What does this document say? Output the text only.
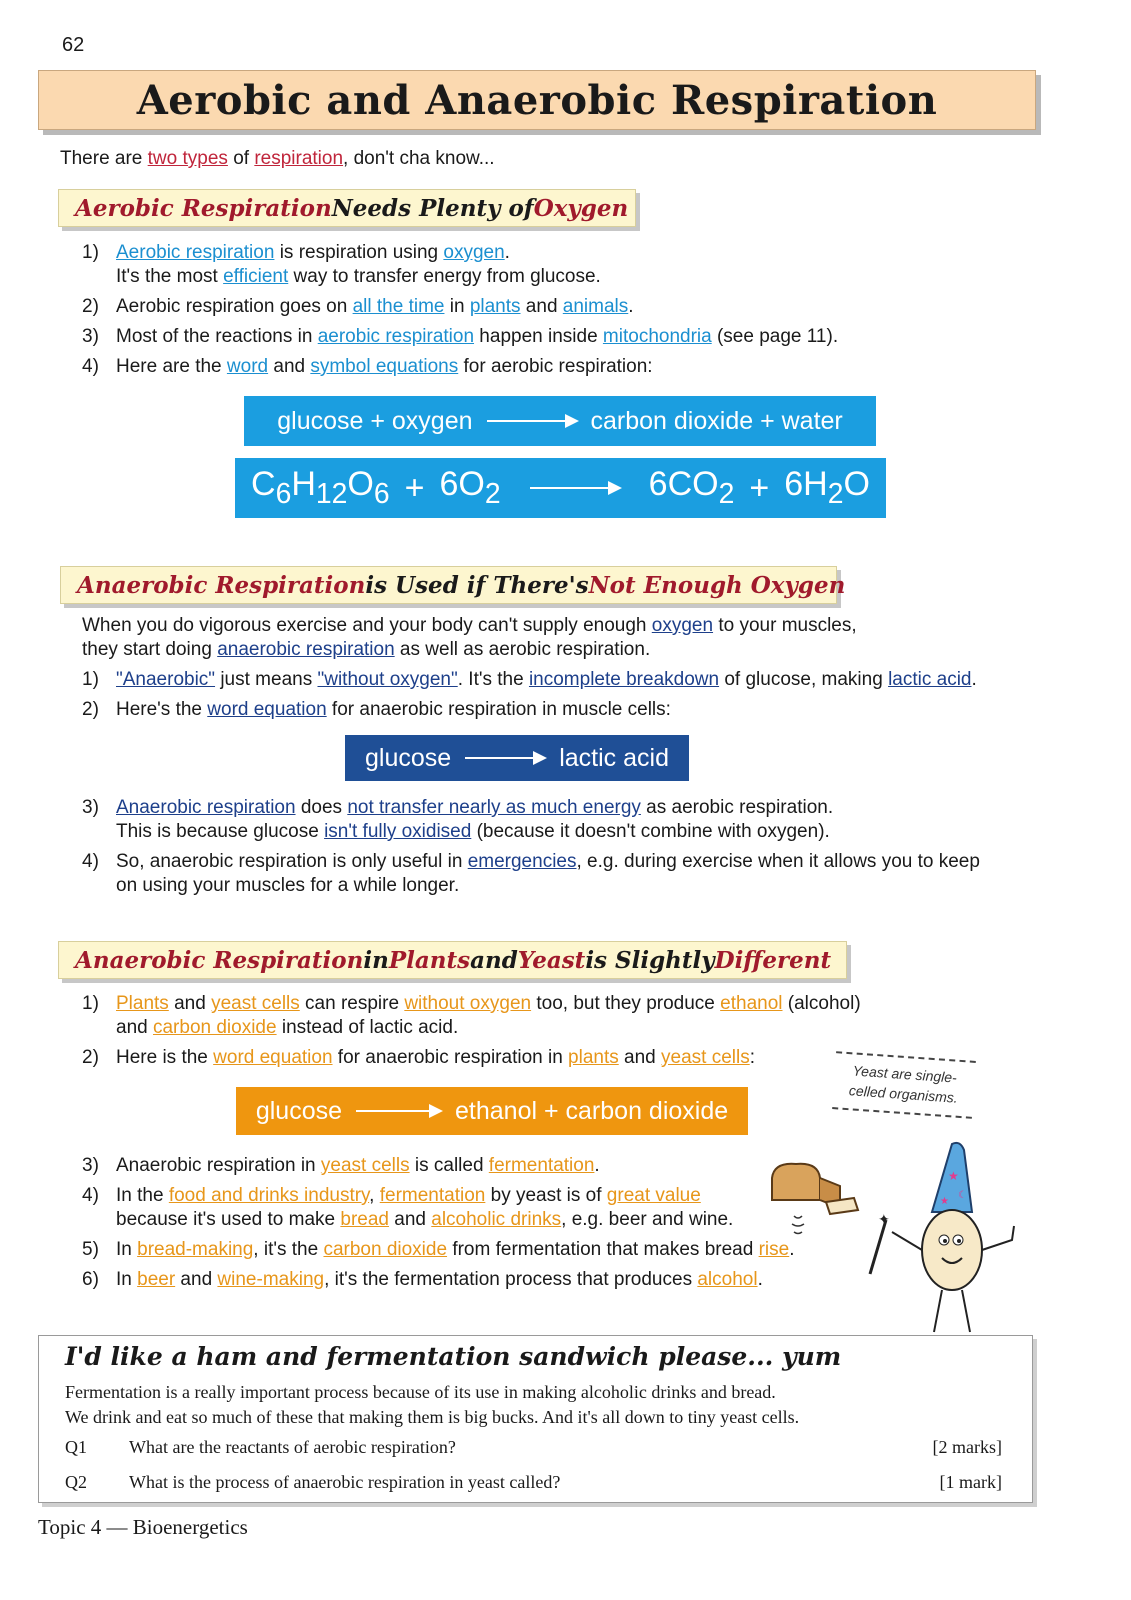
62
Aerobic and Anaerobic Respiration
There are two types of respiration, don't cha know...
Aerobic Respiration Needs Plenty of Oxygen
1) Aerobic respiration is respiration using oxygen.
It's the most efficient way to transfer energy from glucose.
2) Aerobic respiration goes on all the time in plants and animals.
3) Most of the reactions in aerobic respiration happen inside mitochondria (see page 11).
4) Here are the word and symbol equations for aerobic respiration:
glucose + oxygen	carbon dioxide + water
$C_6H_{12}O_6 + 6O_2$	$6CO_2 + 6H_2O$
Anaerobic Respiration is Used if There's Not Enough Oxygen
When you do vigorous exercise and your body can't supply enough oxygen to your muscles,
they start doing anaerobic respiration as well as aerobic respiration.
1) "Anaerobic" just means "without oxygen". It's the incomplete breakdown of glucose, making lactic acid.
2) Here's the word equation for anaerobic respiration in muscle cells:
glucose	lactic acid
3) Anaerobic respiration does not transfer nearly as much energy as aerobic respiration.
This is because glucose isn't fully oxidised (because it doesn't combine with oxygen).
4) So, anaerobic respiration is only useful in emergencies, e.g. during exercise when it allows you to keep
on using your muscles for a while longer.
Anaerobic Respiration in Plants and Yeast is Slightly Different
1) Plants and yeast cells can respire without oxygen too, but they produce ethanol (alcohol)
and carbon dioxide instead of lactic acid.
2) Here is the word equation for anaerobic respiration in plants and yeast cells:
Yeast are single-
celled organisms.
glucose	ethanol + carbon dioxide
3) Anaerobic respiration in yeast cells is called fermentation.
4) In the food and drinks industry, fermentation by yeast is of great value
because it's used to make bread and alcoholic drinks, e.g. beer and wine.
5) In bread-making, it's the carbon dioxide from fermentation that makes bread rise.
6) In beer and wine-making, it's the fermentation process that produces alcohol.
★
☾
★
✦
I'd like a ham and fermentation sandwich please... yum
Fermentation is a really important process because of its use in making alcoholic drinks and bread.
We drink and eat so much of these that making them is big bucks. And it's all down to tiny yeast cells.
Q1	What are the reactants of aerobic respiration?	[2 marks]
Q2	What is the process of anaerobic respiration in yeast called?	[1 mark]
Topic 4 — Bioenergetics
